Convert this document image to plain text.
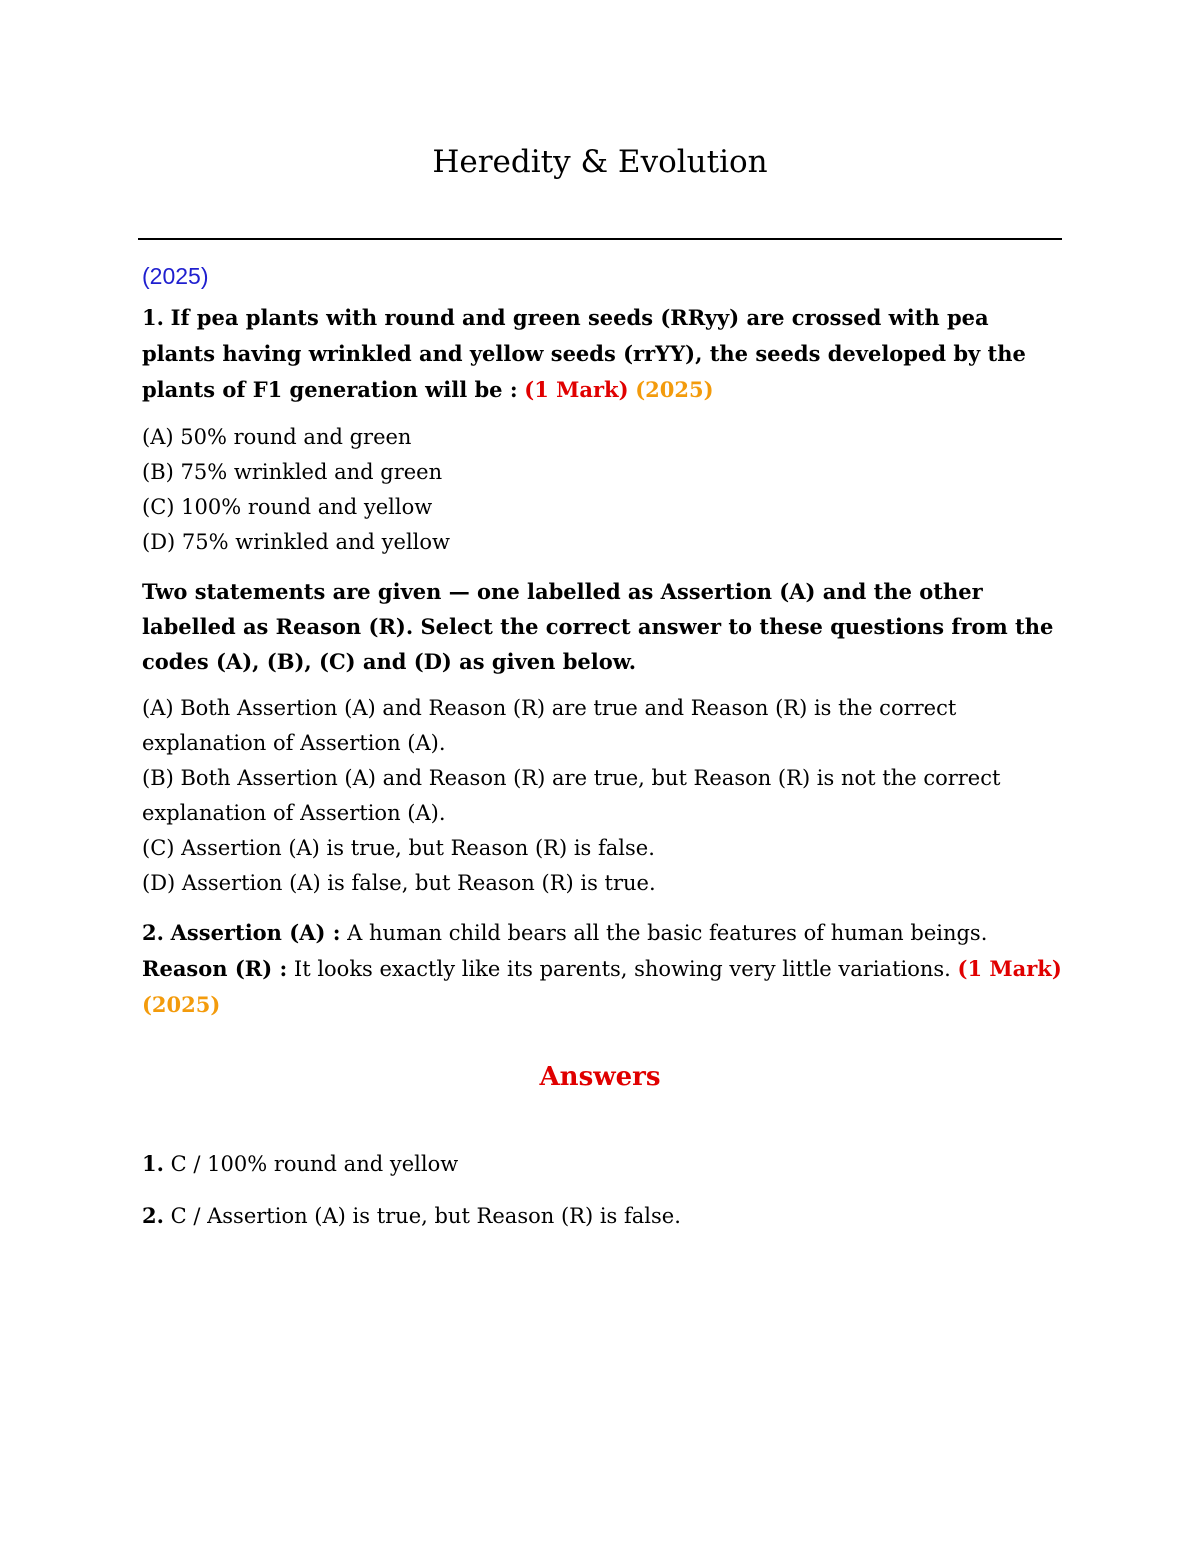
Heredity & Evolution

(2025)

1. If pea plants with round and green seeds (RRyy) are crossed with pea plants having wrinkled and yellow seeds (rrYY), the seeds developed by the plants of F1 generation will be : (1 Mark) (2025)

(A) 50% round and green
(B) 75% wrinkled and green
(C) 100% round and yellow
(D) 75% wrinkled and yellow

Two statements are given — one labelled as Assertion (A) and the other labelled as Reason (R). Select the correct answer to these questions from the codes (A), (B), (C) and (D) as given below.

(A) Both Assertion (A) and Reason (R) are true and Reason (R) is the correct explanation of Assertion (A).
(B) Both Assertion (A) and Reason (R) are true, but Reason (R) is not the correct explanation of Assertion (A).
(C) Assertion (A) is true, but Reason (R) is false.
(D) Assertion (A) is false, but Reason (R) is true.

2. Assertion (A) : A human child bears all the basic features of human beings. Reason (R) : It looks exactly like its parents, showing very little variations. (1 Mark) (2025)

Answers
1. C / 100% round and yellow
2. C / Assertion (A) is true, but Reason (R) is false.
